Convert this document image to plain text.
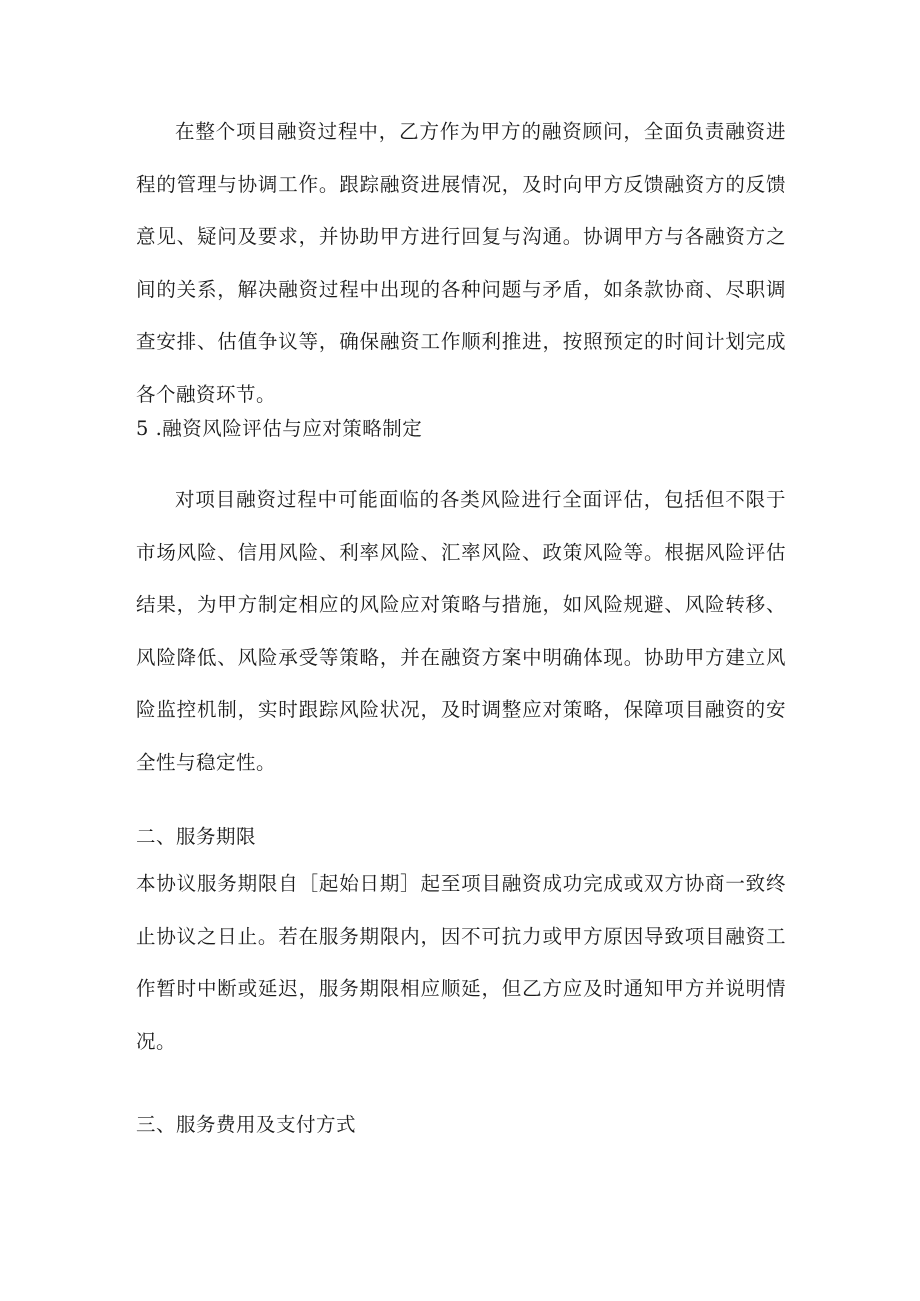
在整个项目融资过程中，乙方作为甲方的融资顾问，全面负责融资进程的管理与协调工作。跟踪融资进展情况，及时向甲方反馈融资方的反馈意见、疑问及要求，并协助甲方进行回复与沟通。协调甲方与各融资方之间的关系，解决融资过程中出现的各种问题与矛盾，如条款协商、尽职调查安排、估值争议等，确保融资工作顺利推进，按照预定的时间计划完成各个融资环节。

5 .融资风险评估与应对策略制定

对项目融资过程中可能面临的各类风险进行全面评估，包括但不限于市场风险、信用风险、利率风险、汇率风险、政策风险等。根据风险评估结果，为甲方制定相应的风险应对策略与措施，如风险规避、风险转移、风险降低、风险承受等策略，并在融资方案中明确体现。协助甲方建立风险监控机制，实时跟踪风险状况，及时调整应对策略，保障项目融资的安全性与稳定性。

二、服务期限

本协议服务期限自［起始日期］起至项目融资成功完成或双方协商一致终止协议之日止。若在服务期限内，因不可抗力或甲方原因导致项目融资工作暂时中断或延迟，服务期限相应顺延，但乙方应及时通知甲方并说明情况。

三、服务费用及支付方式
